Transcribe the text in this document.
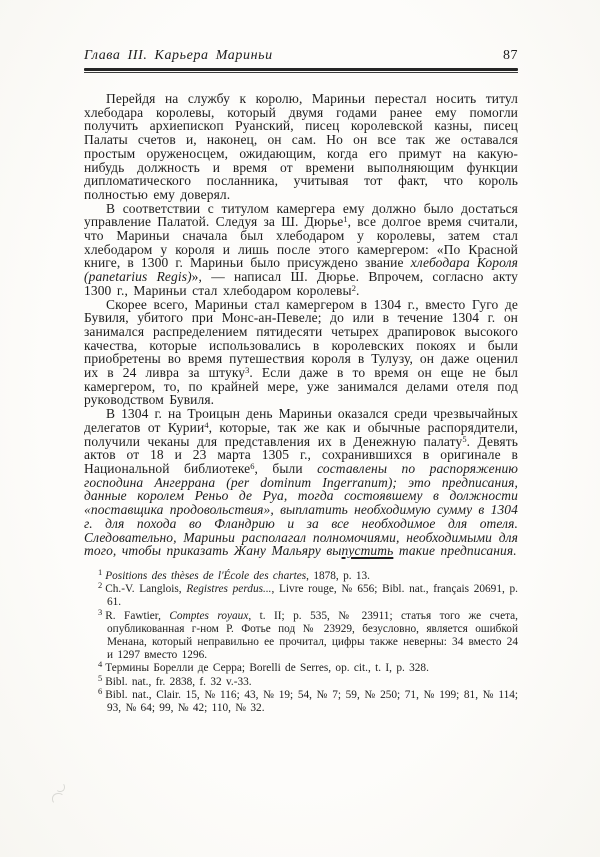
Глава III. Карьера Мариньи	87

Перейдя на службу к королю, Мариньи перестал носить титул хлебодара королевы, который двумя годами ранее ему помогли получить архиепископ Руанский, писец королевской казны, писец Палаты счетов и, наконец, он сам. Но он все так же оставался простым оруженосцем, ожидающим, когда его примут на какую-нибудь должность и время от времени выполняющим функции дипломатического посланника, учитывая тот факт, что король полностью ему доверял.

В соответствии с титулом камергера ему должно было достаться управление Палатой. Следуя за Ш. Дюрье$^1$, все долгое время считали, что Мариньи сначала был хлебодаром у королевы, затем стал хлебодаром у короля и лишь после этого камергером: «По Красной книге, в 1300 г. Мариньи было присуждено звание хлебодара Короля (panetarius Regis)», — написал Ш. Дюрье. Впрочем, согласно акту 1300 г., Мариньи стал хлебодаром королевы$^2$.

Скорее всего, Мариньи стал камергером в 1304 г., вместо Гуго де Бувиля, убитого при Монс-ан-Певеле; до или в течение 1304 г. он занимался распределением пятидесяти четырех драпировок высокого качества, которые использовались в королевских покоях и были приобретены во время путешествия короля в Тулузу, он даже оценил их в 24 ливра за штуку$^3$. Если даже в то время он еще не был камергером, то, по крайней мере, уже занимался делами отеля под руководством Бувиля.

В 1304 г. на Троицын день Мариньи оказался среди чрезвычайных делегатов от Курии$^4$, которые, так же как и обычные распорядители, получили чеканы для представления их в Денежную палату$^5$. Девять актов от 18 и 23 марта 1305 г., сохранившихся в оригинале в Национальной библиотеке$^6$, были составлены по распоряжению господина Ангеррана (per dominum Ingerranum); это предписания, данные королем Реньо де Руа, тогда состоявшему в должности «поставщика продовольствия», выплатить необходимую сумму в 1304 г. для похода во Фландрию и за все необходимое для отеля. Следовательно, Мариньи располагал полномочиями, необходимыми для того, чтобы приказать Жану Мальяру выпустить такие предписания.

$^1$ Positions des thèses de l'École des chartes, 1878, p. 13.

$^2$ Ch.-V. Langlois, Registres perdus..., Livre rouge, № 656; Bibl. nat., français 20691, p. 61.

$^3$ R. Fawtier, Comptes royaux, t. II; p. 535, № 23911; статья того же счета, опубликованная г-ном Р. Фотье под № 23929, безусловно, является ошибкой Менана, который неправильно ее прочитал, цифры также неверны: 34 вместо 24 и 1297 вместо 1296.

$^4$ Термины Борелли де Серра; Borelli de Serres, op. cit., t. I, p. 328.

$^5$ Bibl. nat., fr. 2838, f. 32 v.-33.

$^6$ Bibl. nat., Clair. 15, № 116; 43, № 19; 54, № 7; 59, № 250; 71, № 199; 81, № 114; 93, № 64; 99, № 42; 110, № 32.
